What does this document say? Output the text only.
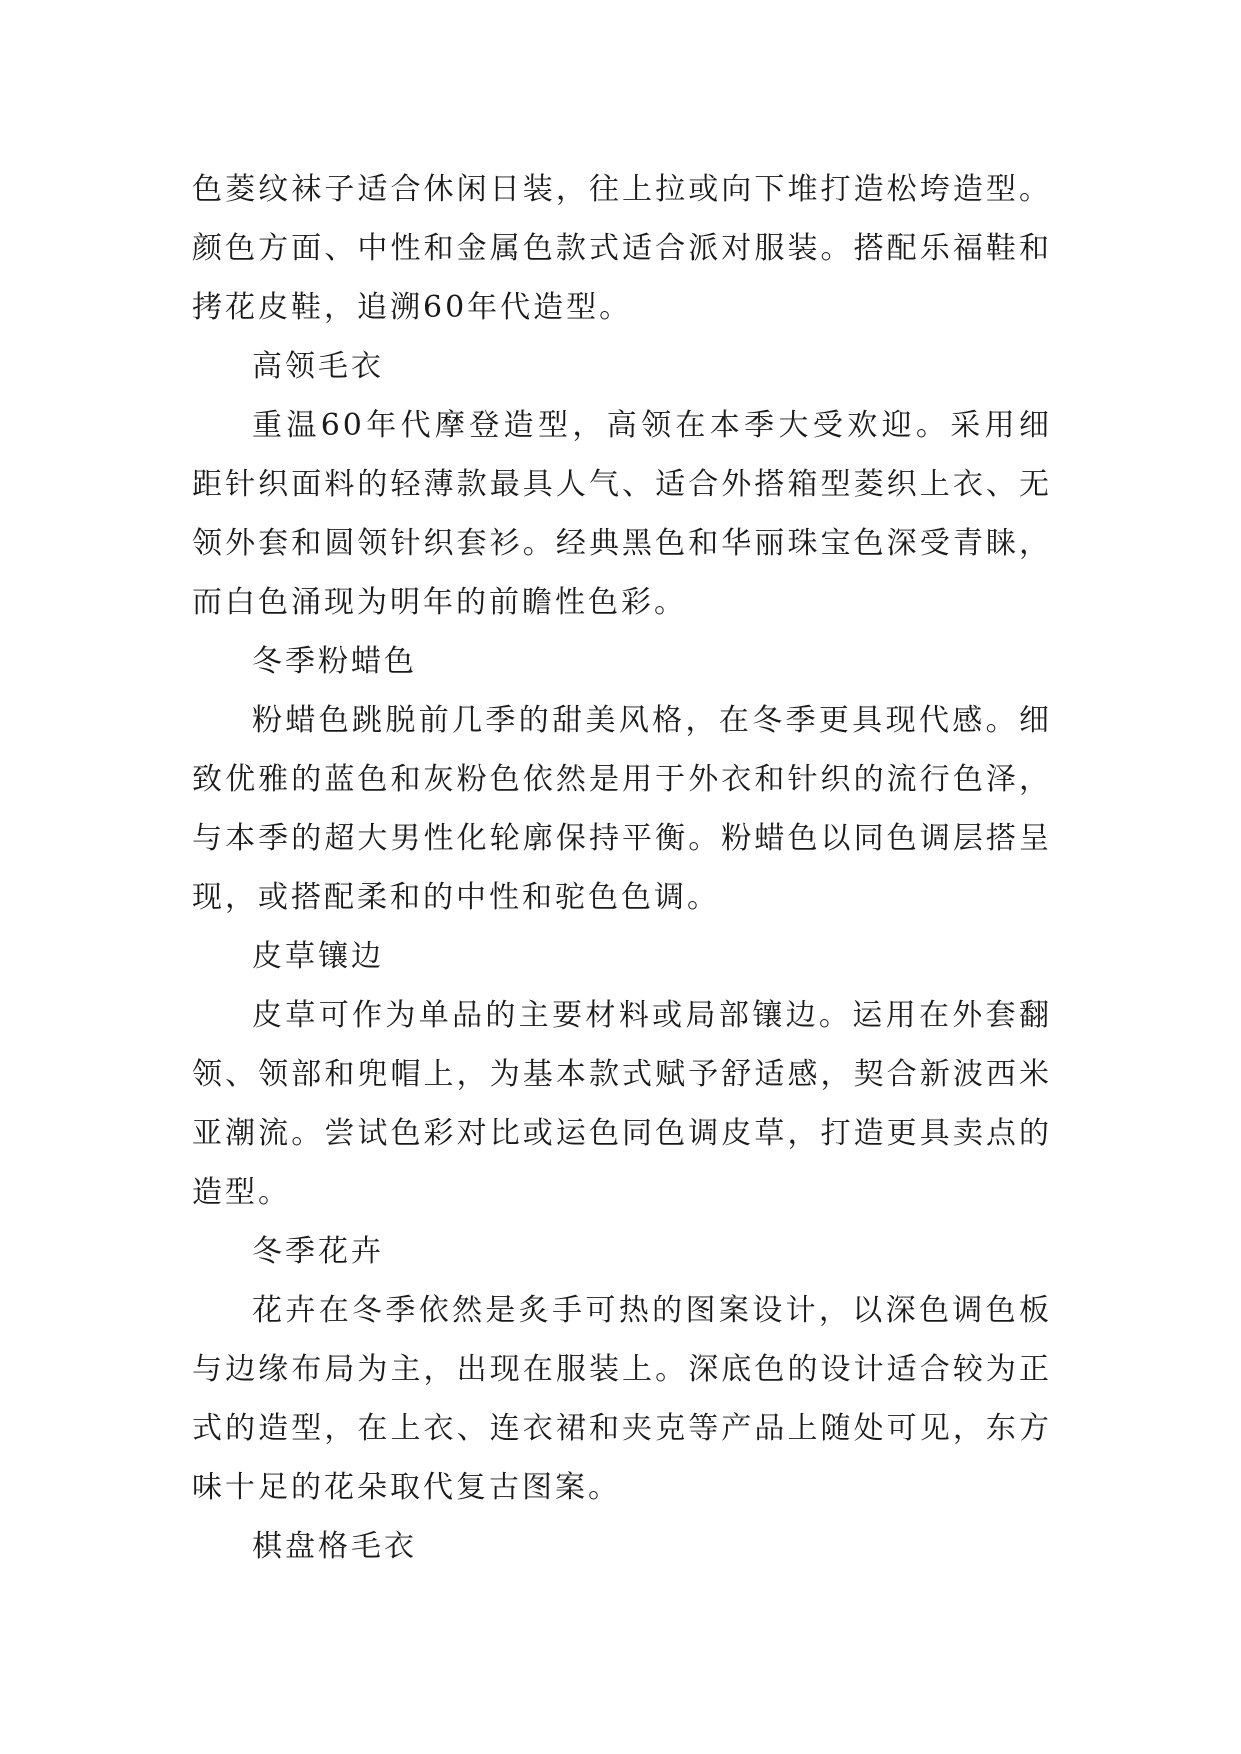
色菱纹袜子适合休闲日装，往上拉或向下堆打造松垮造型。颜色方面、中性和金属色款式适合派对服装。搭配乐福鞋和拷花皮鞋，追溯60年代造型。

高领毛衣

重温60年代摩登造型，高领在本季大受欢迎。采用细距针织面料的轻薄款最具人气、适合外搭箱型菱织上衣、无领外套和圆领针织套衫。经典黑色和华丽珠宝色深受青睐，而白色涌现为明年的前瞻性色彩。

冬季粉蜡色

粉蜡色跳脱前几季的甜美风格，在冬季更具现代感。细致优雅的蓝色和灰粉色依然是用于外衣和针织的流行色泽，与本季的超大男性化轮廓保持平衡。粉蜡色以同色调层搭呈现，或搭配柔和的中性和驼色色调。

皮草镶边

皮草可作为单品的主要材料或局部镶边。运用在外套翻领、领部和兜帽上，为基本款式赋予舒适感，契合新波西米亚潮流。尝试色彩对比或运色同色调皮草，打造更具卖点的造型。

冬季花卉

花卉在冬季依然是炙手可热的图案设计，以深色调色板与边缘布局为主，出现在服装上。深底色的设计适合较为正式的造型，在上衣、连衣裙和夹克等产品上随处可见，东方味十足的花朵取代复古图案。

棋盘格毛衣
